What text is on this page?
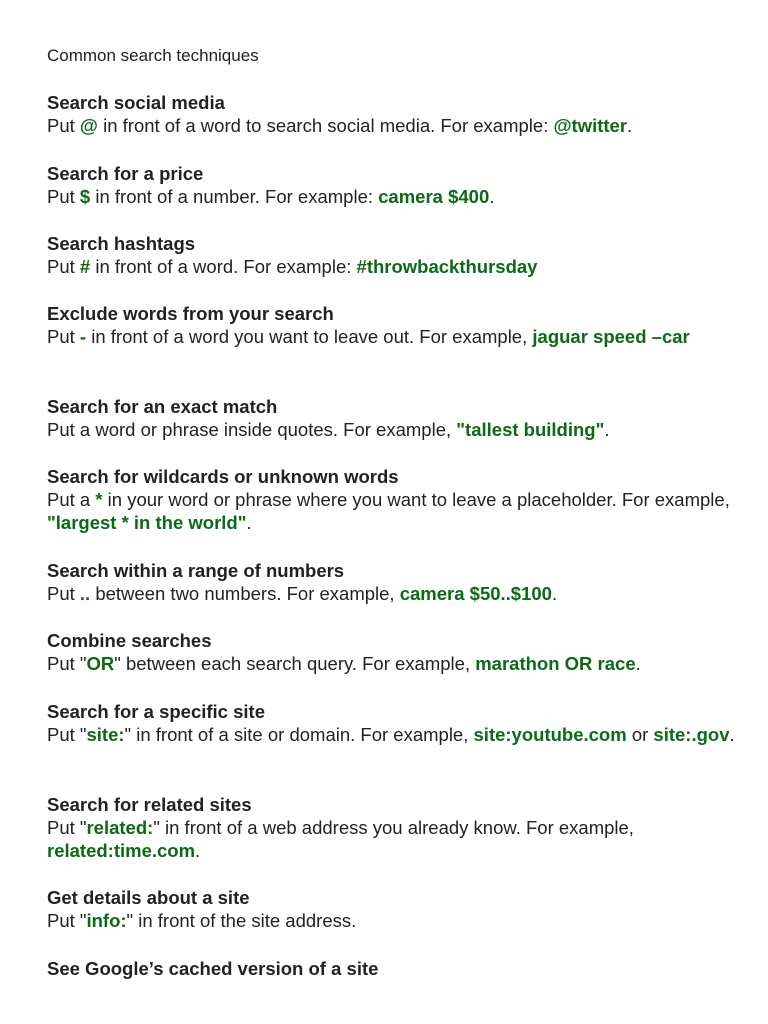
Common search techniques
Search social media
Put @ in front of a word to search social media. For example: @twitter.
Search for a price
Put $ in front of a number. For example: camera $400.
Search hashtags
Put # in front of a word. For example: #throwbackthursday
Exclude words from your search
Put - in front of a word you want to leave out. For example, jaguar speed –car
Search for an exact match
Put a word or phrase inside quotes. For example, "tallest building".
Search for wildcards or unknown words
Put a * in your word or phrase where you want to leave a placeholder. For example, "largest * in the world".
Search within a range of numbers
Put .. between two numbers. For example, camera $50..$100.
Combine searches
Put "OR" between each search query. For example, marathon OR race.
Search for a specific site
Put "site:" in front of a site or domain. For example, site:youtube.com or site:.gov.
Search for related sites
Put "related:" in front of a web address you already know. For example, related:time.com.
Get details about a site
Put "info:" in front of the site address.
See Google’s cached version of a site
